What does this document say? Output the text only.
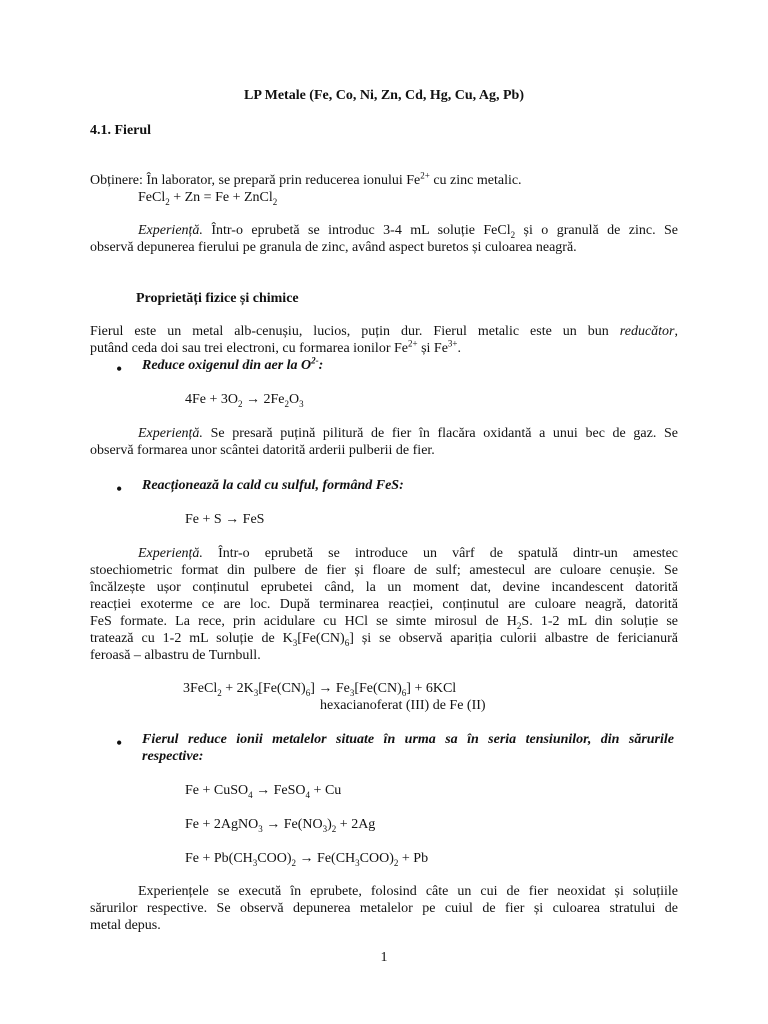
LP Metale (Fe, Co, Ni, Zn, Cd, Hg, Cu, Ag, Pb)
4.1. Fierul
Obținere: În laborator, se prepară prin reducerea ionului $Fe^{2+}$ cu zinc metalic.
FeCl$_2$ + Zn = Fe + ZnCl$_2$
Experiență. Într-o eprubetă se introduc 3-4 mL soluție FeCl$_2$ și o granulă de zinc. Se
observă depunerea fierului pe granula de zinc, având aspect buretos și culoarea neagră.
Proprietăți fizice și chimice
Fierul este un metal alb-cenușiu, lucios, puțin dur. Fierul metalic este un bun reducător,
putând ceda doi sau trei electroni, cu formarea ionilor $Fe^{2+}$ și $Fe^{3+}$.
• Reduce oxigenul din aer la $O^{2-}$:
$4Fe + 3O_2 \to 2Fe_2O_3$
Experiență. Se presară puțină pilitură de fier în flacăra oxidantă a unui bec de gaz. Se
observă formarea unor scântei datorită arderii pulberii de fier.
• Reacționează la cald cu sulful, formând FeS:
Fe + S → FeS
Experiență. Într-o eprubetă se introduce un vârf de spatulă dintr-un amestec
stoechiometric format din pulbere de fier și floare de sulf; amestecul are culoare cenușie. Se
încălzește ușor conținutul eprubetei când, la un moment dat, devine incandescent datorită
reacției exoterme ce are loc. După terminarea reacției, conținutul are culoare neagră, datorită
FeS formate. La rece, prin acidulare cu HCl se simte mirosul de $H_2S$. 1-2 mL din soluție se
tratează cu 1-2 mL soluție de $K_3[Fe(CN)_6]$ și se observă apariția culorii albastre de fericianură
feroasă – albastru de Turnbull.
3FeCl$_2$ + $2K_3[Fe(CN)_6] \to Fe_3[Fe(CN)_6] + 6KCl$
hexacianoferat (III) de Fe (II)
• Fierul reduce ionii metalelor situate în urma sa în seria tensiunilor, din sărurile
respective:
Fe + CuSO$_4$ → FeSO$_4$ + Cu
Fe + 2AgNO$_3$ → $Fe(NO_3)_2 + 2Ag$
$Fe + Pb(CH_3COO)_2 \to Fe(CH_3COO)_2 + Pb$
Experiențele se execută în eprubete, folosind câte un cui de fier neoxidat și soluțiile
sărurilor respective. Se observă depunerea metalelor pe cuiul de fier și culoarea stratului de
metal depus.
1
